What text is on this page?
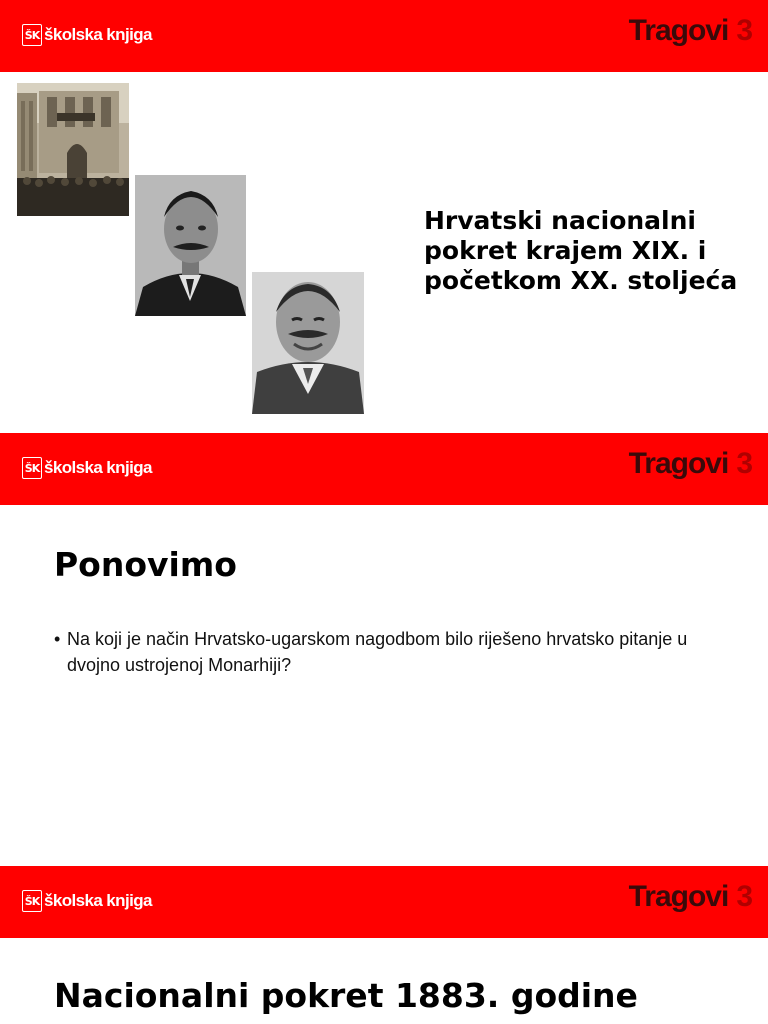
ŠK školska knjiga	Tragovi 3
Hrvatski nacionalni pokret krajem XIX. i početkom XX. stoljeća
ŠK školska knjiga	Tragovi 3
Ponovimo
• Na koji je način Hrvatsko-ugarskom nagodbom bilo riješeno hrvatsko pitanje u dvojno ustrojenoj Monarhiji?
ŠK školska knjiga	Tragovi 3
Nacionalni pokret 1883. godine
